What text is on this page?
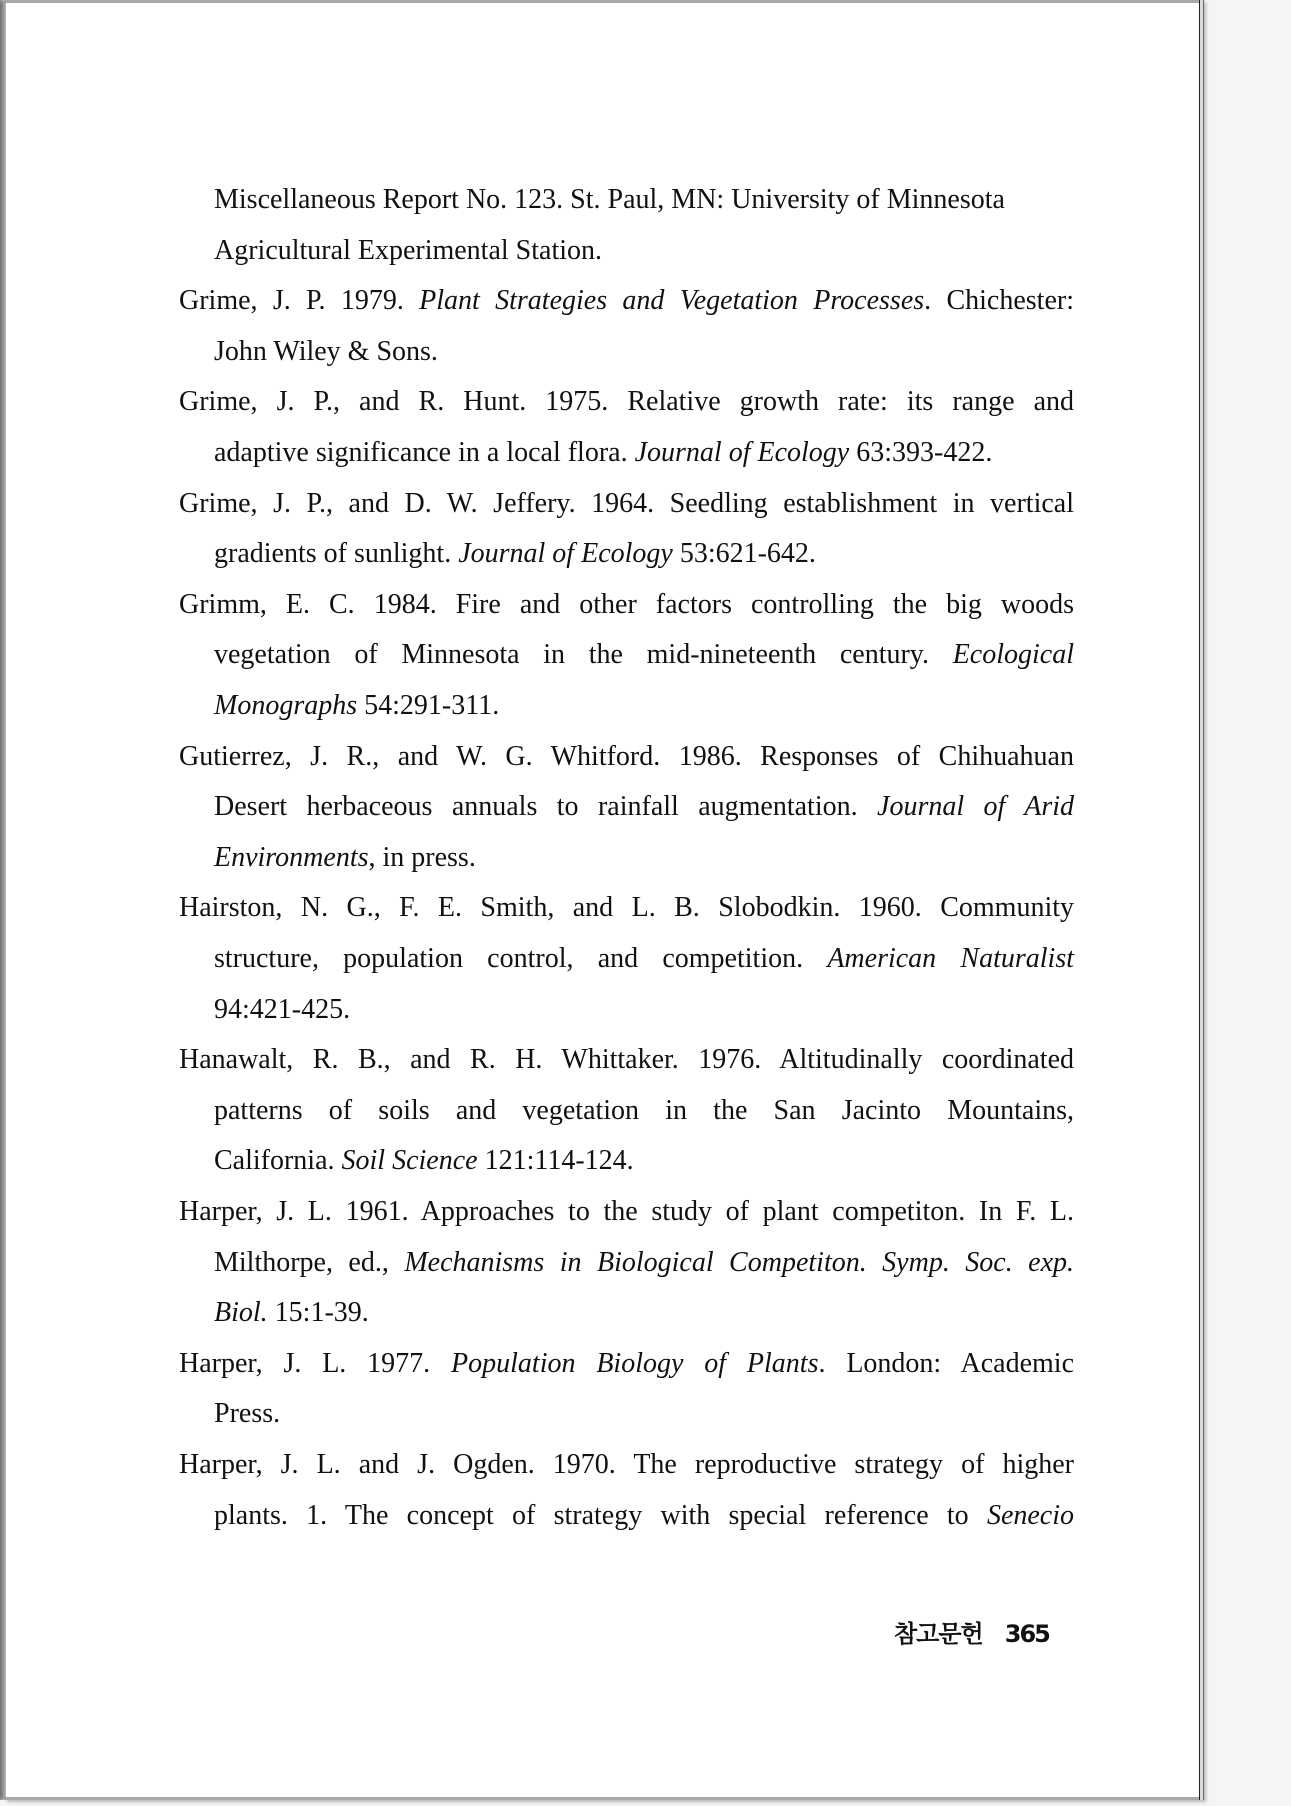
Miscellaneous Report No. 123. St. Paul, MN: University of Minnesota
Agricultural Experimental Station.
Grime, J. P. 1979. Plant Strategies and Vegetation Processes. Chichester:
John Wiley & Sons.
Grime, J. P., and R. Hunt. 1975. Relative growth rate: its range and
adaptive significance in a local flora. Journal of Ecology 63:393-422.
Grime, J. P., and D. W. Jeffery. 1964. Seedling establishment in vertical
gradients of sunlight. Journal of Ecology 53:621-642.
Grimm, E. C. 1984. Fire and other factors controlling the big woods
vegetation of Minnesota in the mid-nineteenth century. Ecological
Monographs 54:291-311.
Gutierrez, J. R., and W. G. Whitford. 1986. Responses of Chihuahuan
Desert herbaceous annuals to rainfall augmentation. Journal of Arid
Environments, in press.
Hairston, N. G., F. E. Smith, and L. B. Slobodkin. 1960. Community
structure, population control, and competition. American Naturalist
94:421-425.
Hanawalt, R. B., and R. H. Whittaker. 1976. Altitudinally coordinated
patterns of soils and vegetation in the San Jacinto Mountains,
California. Soil Science 121:114-124.
Harper, J. L. 1961. Approaches to the study of plant competiton. In F. L.
Milthorpe, ed., Mechanisms in Biological Competiton. Symp. Soc. exp.
Biol. 15:1-39.
Harper, J. L. 1977. Population Biology of Plants. London: Academic
Press.
Harper, J. L. and J. Ogden. 1970. The reproductive strategy of higher
plants. 1. The concept of strategy with special reference to Senecio
참고문헌 365
